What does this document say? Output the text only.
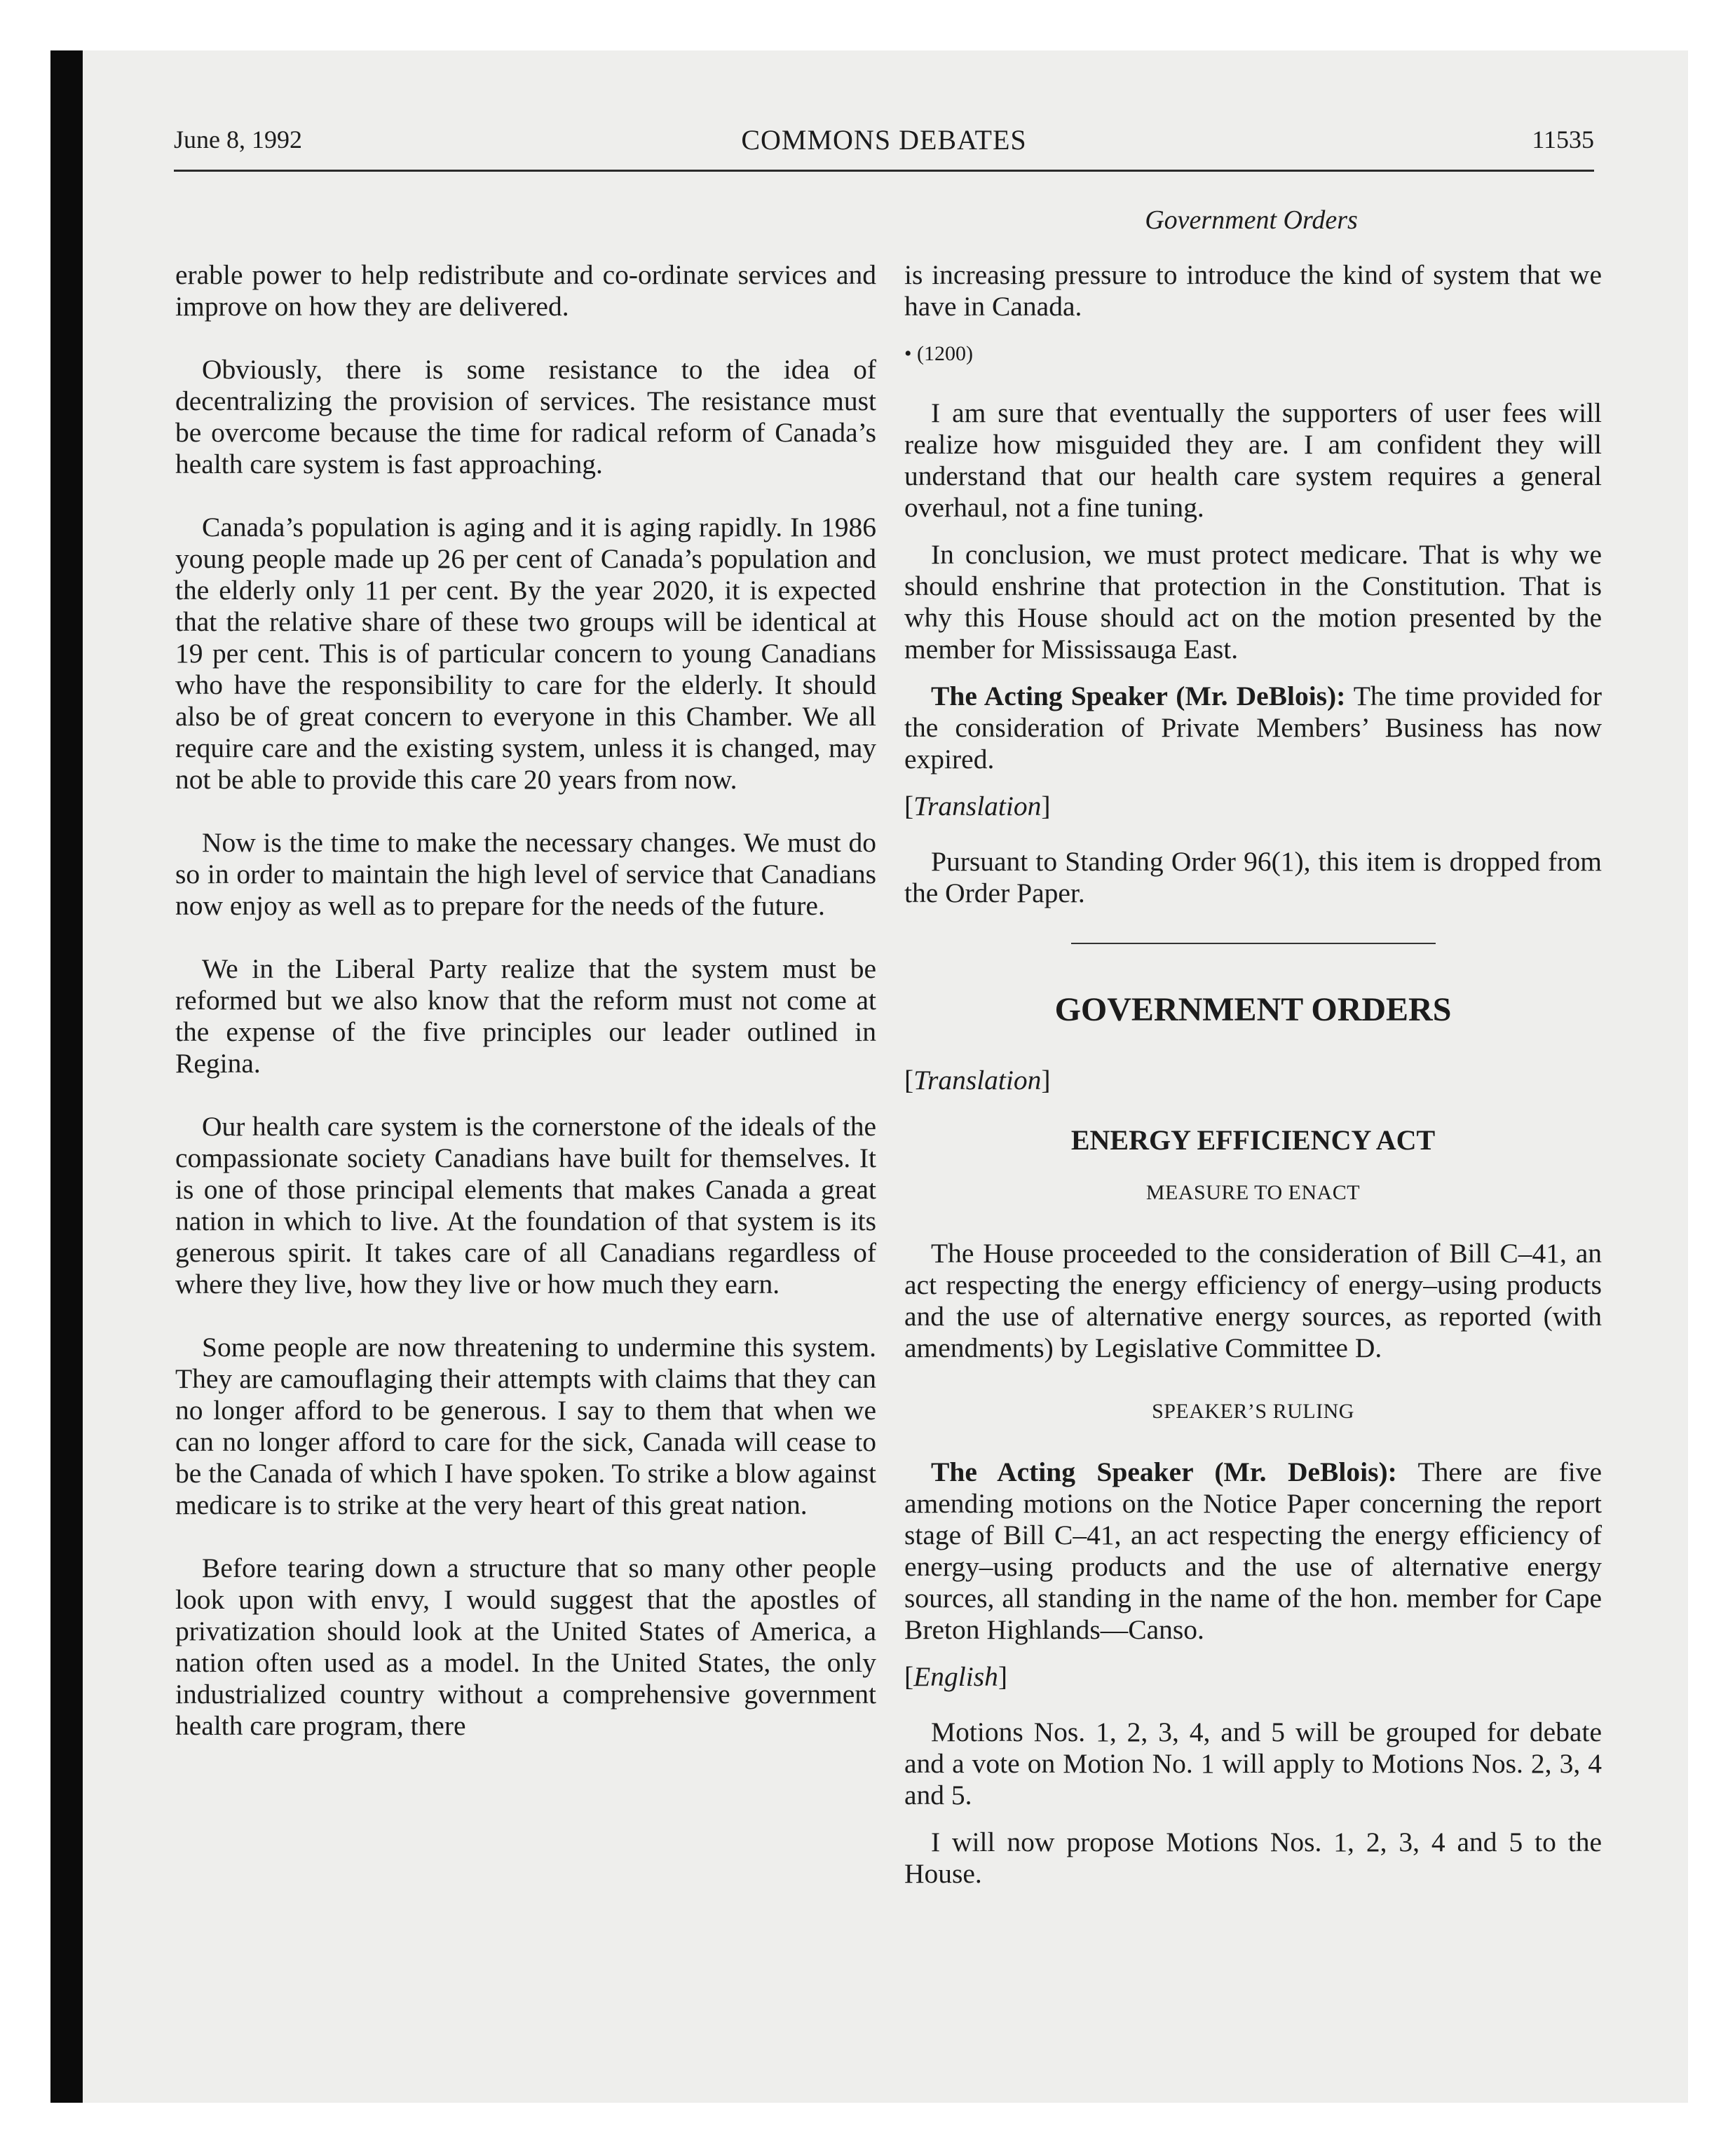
June 8, 1992	COMMONS DEBATES	11535
Government Orders

erable power to help redistribute and co-ordinate services and improve on how they are delivered.

Obviously, there is some resistance to the idea of decentralizing the provision of services. The resistance must be overcome because the time for radical reform of Canada’s health care system is fast approaching.

Canada’s population is aging and it is aging rapidly. In 1986 young people made up 26 per cent of Canada’s population and the elderly only 11 per cent. By the year 2020, it is expected that the relative share of these two groups will be identical at 19 per cent. This is of particular concern to young Canadians who have the responsibility to care for the elderly. It should also be of great concern to everyone in this Chamber. We all require care and the existing system, unless it is changed, may not be able to provide this care 20 years from now.

Now is the time to make the necessary changes. We must do so in order to maintain the high level of service that Canadians now enjoy as well as to prepare for the needs of the future.

We in the Liberal Party realize that the system must be reformed but we also know that the reform must not come at the expense of the five principles our leader outlined in Regina.

Our health care system is the cornerstone of the ideals of the compassionate society Canadians have built for themselves. It is one of those principal elements that makes Canada a great nation in which to live. At the foundation of that system is its generous spirit. It takes care of all Canadians regardless of where they live, how they live or how much they earn.

Some people are now threatening to undermine this system. They are camouflaging their attempts with claims that they can no longer afford to be generous. I say to them that when we can no longer afford to care for the sick, Canada will cease to be the Canada of which I have spoken. To strike a blow against medicare is to strike at the very heart of this great nation.

Before tearing down a structure that so many other people look upon with envy, I would suggest that the apostles of privatization should look at the United States of America, a nation often used as a model. In the United States, the only industrialized country without a comprehensive government health care program, there

is increasing pressure to introduce the kind of system that we have in Canada.

• (1200)

I am sure that eventually the supporters of user fees will realize how misguided they are. I am confident they will understand that our health care system requires a general overhaul, not a fine tuning.

In conclusion, we must protect medicare. That is why we should enshrine that protection in the Constitution. That is why this House should act on the motion presented by the member for Mississauga East.

The Acting Speaker (Mr. DeBlois): The time provided for the consideration of Private Members’ Business has now expired.

[Translation]

Pursuant to Standing Order 96(1), this item is dropped from the Order Paper.

GOVERNMENT ORDERS
[Translation]
ENERGY EFFICIENCY ACT
MEASURE TO ENACT

The House proceeded to the consideration of Bill C–41, an act respecting the energy efficiency of energy–using products and the use of alternative energy sources, as reported (with amendments) by Legislative Committee D.

SPEAKER’S RULING

The Acting Speaker (Mr. DeBlois): There are five amending motions on the Notice Paper concerning the report stage of Bill C–41, an act respecting the energy efficiency of energy–using products and the use of alternative energy sources, all standing in the name of the hon. member for Cape Breton Highlands—Canso.

[English]

Motions Nos. 1, 2, 3, 4, and 5 will be grouped for debate and a vote on Motion No. 1 will apply to Motions Nos. 2, 3, 4 and 5.

I will now propose Motions Nos. 1, 2, 3, 4 and 5 to the House.
